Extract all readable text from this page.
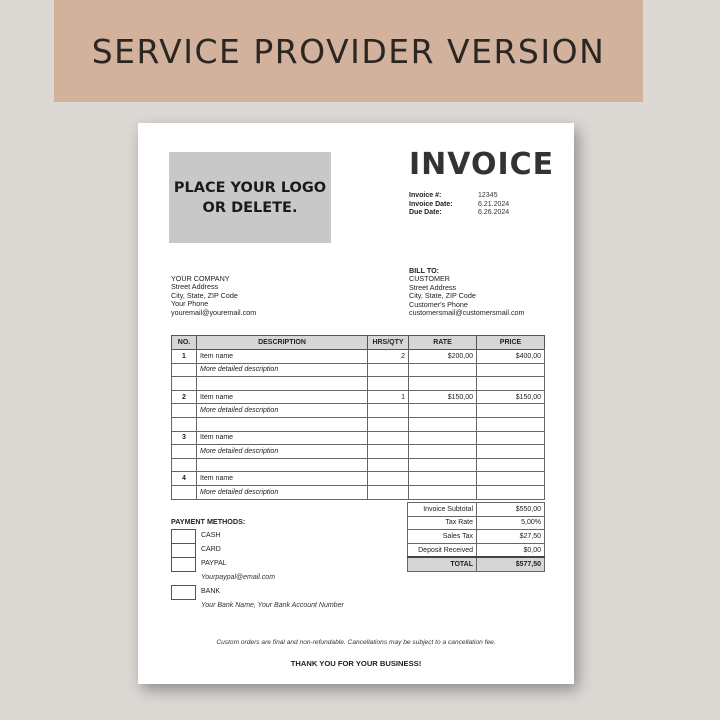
SERVICE PROVIDER VERSION
PLACE YOUR LOGO
OR DELETE.
INVOICE
Invoice #:	12345
Invoice Date:	6.21.2024
Due Date:	6.26.2024
YOUR COMPANY
Street Address
City, State, ZIP Code
Your Phone
youremail@youremail.com
BILL TO:
CUSTOMER
Street Address
City, State, ZIP Code
Customer's Phone
customersmail@customersmail.com
NO.	DESCRIPTION	HRS/QTY	RATE	PRICE
1	Item name	2	$200,00	$400,00
	More detailed description			

2	Item name	1	$150,00	$150,00
	More detailed description			

3	Item name			
	More detailed description			

4	Item name			
	More detailed description			
Invoice Subtotal	$550,00
Tax Rate	5,00%
Sales Tax	$27,50
Deposit Received	$0,00
TOTAL	$577,50
PAYMENT METHODS:
CASH
CARD
PAYPAL
Yourpaypal@email.com
BANK
Your Bank Name, Your Bank Account Number
Custom orders are final and non-refundable. Cancellations may be subject to a cancellation fee.
THANK YOU FOR YOUR BUSINESS!
